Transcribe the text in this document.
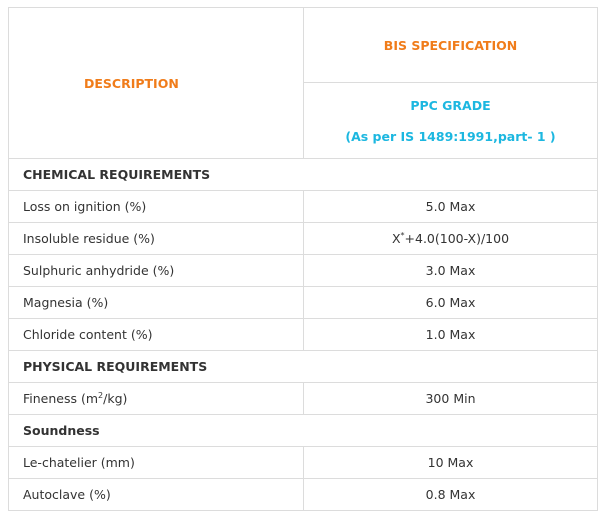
DESCRIPTION	BIS SPECIFICATION

	PPC GRADE
(As per IS 1489:1991,part- 1 )

CHEMICAL REQUIREMENTS	
Loss on ignition (%)	5.0 Max
Insoluble residue (%)	X*+4.0(100-X)/100
Sulphuric anhydride (%)	3.0 Max
Magnesia (%)	6.0 Max
Chloride content (%)	1.0 Max
PHYSICAL REQUIREMENTS	
Fineness $(m^2/kg)$	300 Min
Soundness	
Le-chatelier (mm)	10 Max
Autoclave (%)	0.8 Max
